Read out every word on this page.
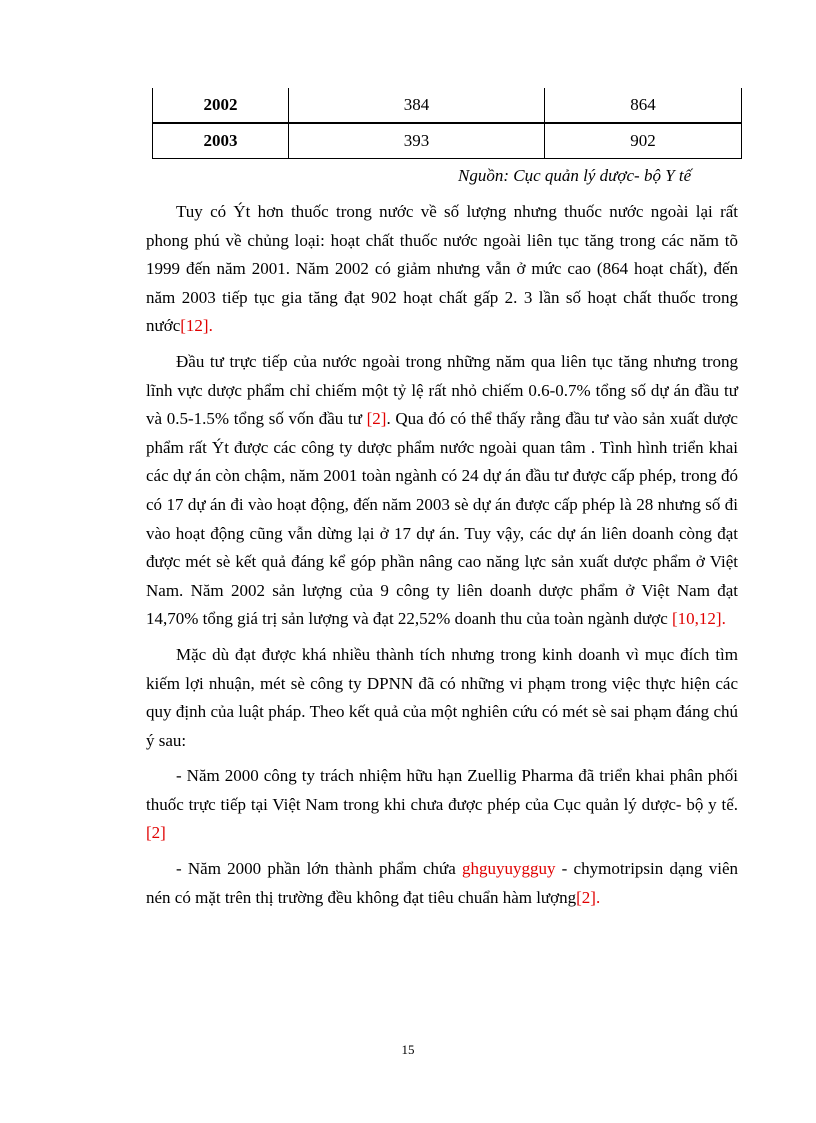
2002	384	864
2003	393	902
Nguồn: Cục quản lý dược- bộ Y tế

Tuy có Ýt hơn thuốc trong nước về số lượng nhưng thuốc nước ngoài lại rất phong phú về chủng loại: hoạt chất thuốc nước ngoài liên tục tăng trong các năm tõ 1999 đến năm 2001. Năm 2002 có giảm nhưng vẫn ở mức cao (864 hoạt chất), đến năm 2003 tiếp tục gia tăng đạt 902 hoạt chất gấp 2. 3 lần số hoạt chất thuốc trong nước[12].

Đầu tư trực tiếp của nước ngoài trong những năm qua liên tục tăng nhưng trong lĩnh vực dược phẩm chỉ chiếm một tỷ lệ rất nhỏ chiếm 0.6-0.7% tổng số dự án đầu tư và 0.5-1.5% tổng số vốn đầu tư [2]. Qua đó có thể thấy rằng đầu tư vào sản xuất dược phẩm rất Ýt được các công ty dược phẩm nước ngoài quan tâm . Tình hình triển khai các dự án còn chậm, năm 2001 toàn ngành có 24 dự án đầu tư được cấp phép, trong đó có 17 dự án đi vào hoạt động, đến năm 2003 sè dự án được cấp phép là 28 nhưng số đi vào hoạt động cũng vẫn dừng lại ở 17 dự án. Tuy vậy, các dự án liên doanh còng đạt được mét sè kết quả đáng kể góp phần nâng cao năng lực sản xuất dược phẩm ở Việt Nam. Năm 2002 sản lượng của 9 công ty liên doanh dược phẩm ở Việt Nam đạt 14,70% tổng giá trị sản lượng và đạt 22,52% doanh thu của toàn ngành dược [10,12].

Mặc dù đạt được khá nhiều thành tích nhưng trong kinh doanh vì mục đích tìm kiếm lợi nhuận, mét sè công ty DPNN đã có những vi phạm trong việc thực hiện các quy định của luật pháp. Theo kết quả của một nghiên cứu có mét sè sai phạm đáng chú ý sau:

- Năm 2000 công ty trách nhiệm hữu hạn Zuellig Pharma đã triển khai phân phối thuốc trực tiếp tại Việt Nam trong khi chưa được phép của Cục quản lý dược- bộ y tế.[2]

- Năm 2000 phần lớn thành phẩm chứa ghguyuygguy - chymotripsin dạng viên nén có mặt trên thị trường đều không đạt tiêu chuẩn hàm lượng[2].

15
